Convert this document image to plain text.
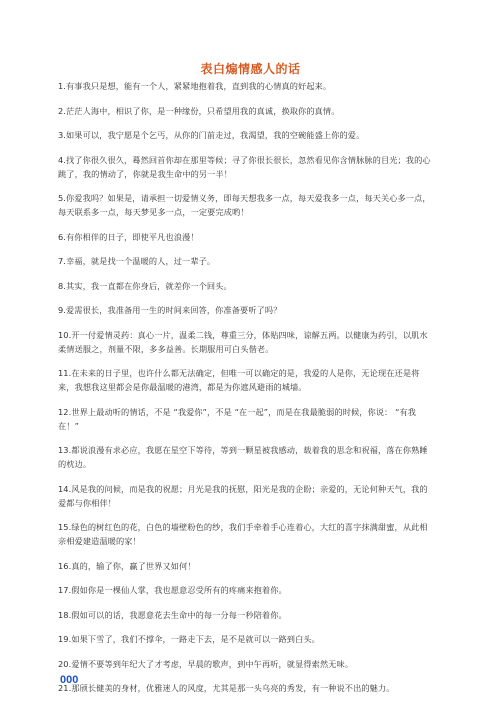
表白煽情感人的话

1.有事我只是想，能有一个人，紧紧地抱着我，直到我的心情真的好起来。

2.茫茫人海中，相识了你，是一种缘份，只希望用我的真诚，换取你的真情。

3.如果可以，我宁愿是个乞丐，从你的门前走过，我渴望，我的空碗能盛上你的爱。

4.找了你很久很久，蓦然回首你却在那里等候；寻了你很长很长，忽然看见你含情脉脉的目光；我的心跳了，我的情动了，你就是我生命中的另一半！

5.你爱我吗？如果是，请承担一切爱情义务，即每天想我多一点，每天爱我多一点，每天关心多一点，每天联系多一点，每天梦见多一点，一定要完成哟！

6.有你相伴的日子，即使平凡也浪漫！

7.幸福，就是找一个温暖的人，过一辈子。

8.其实，我一直都在你身后，就差你一个回头。

9.爱需很长，我准备用一生的时间来回答，你准备要听了吗？

10.开一付爱情灵药：真心一片，温柔二钱，尊重三分，体贴四味，谅解五两。以健康为药引，以肌水柔情送服之，剂量不限，多多益善。长期服用可白头偕老。

11.在未来的日子里，也许什么都无法确定，但唯一可以确定的是，我爱的人是你，无论现在还是将来，我想我这里都会是你最温暖的港湾，都是为你遮风避雨的城墙。

12.世界上最动听的情话，不是 “我爱你”，不是 “在一起”，而是在我最脆弱的时候，你说： “有我在！”

13.都说浪漫有求必应，我愿在星空下等待，等到一颗星被我感动，载着我的思念和祝福，落在你熟睡的枕边。

14.风是我的问候，而是我的祝愿；月光是我的抚慰，阳光是我的企盼；亲爱的，无论何种天气，我的爱都与你相伴！

15.绿色的树红色的花，白色的墙壁粉色的纱，我们手牵着手心连着心，大红的喜字抹满甜蜜，从此相亲相爱建造温暖的家！

16.真的，输了你，赢了世界又如何！

17.假如你是一棵仙人掌，我也愿意忍受所有的疼痛来抱着你。

18.假如可以的话，我愿意花去生命中的每一分每一秒陪着你。

19.如果下雪了，我们不撑伞，一路走下去，是不是就可以一路到白头。

20.爱情不要等到年纪大了才考虑，早晨的歌声，到中午再听，就显得索然无味。

21.那颀长健美的身材，优雅迷人的风度，尤其是那一头乌亮的秀发，有一种说不出的魅力。

000
